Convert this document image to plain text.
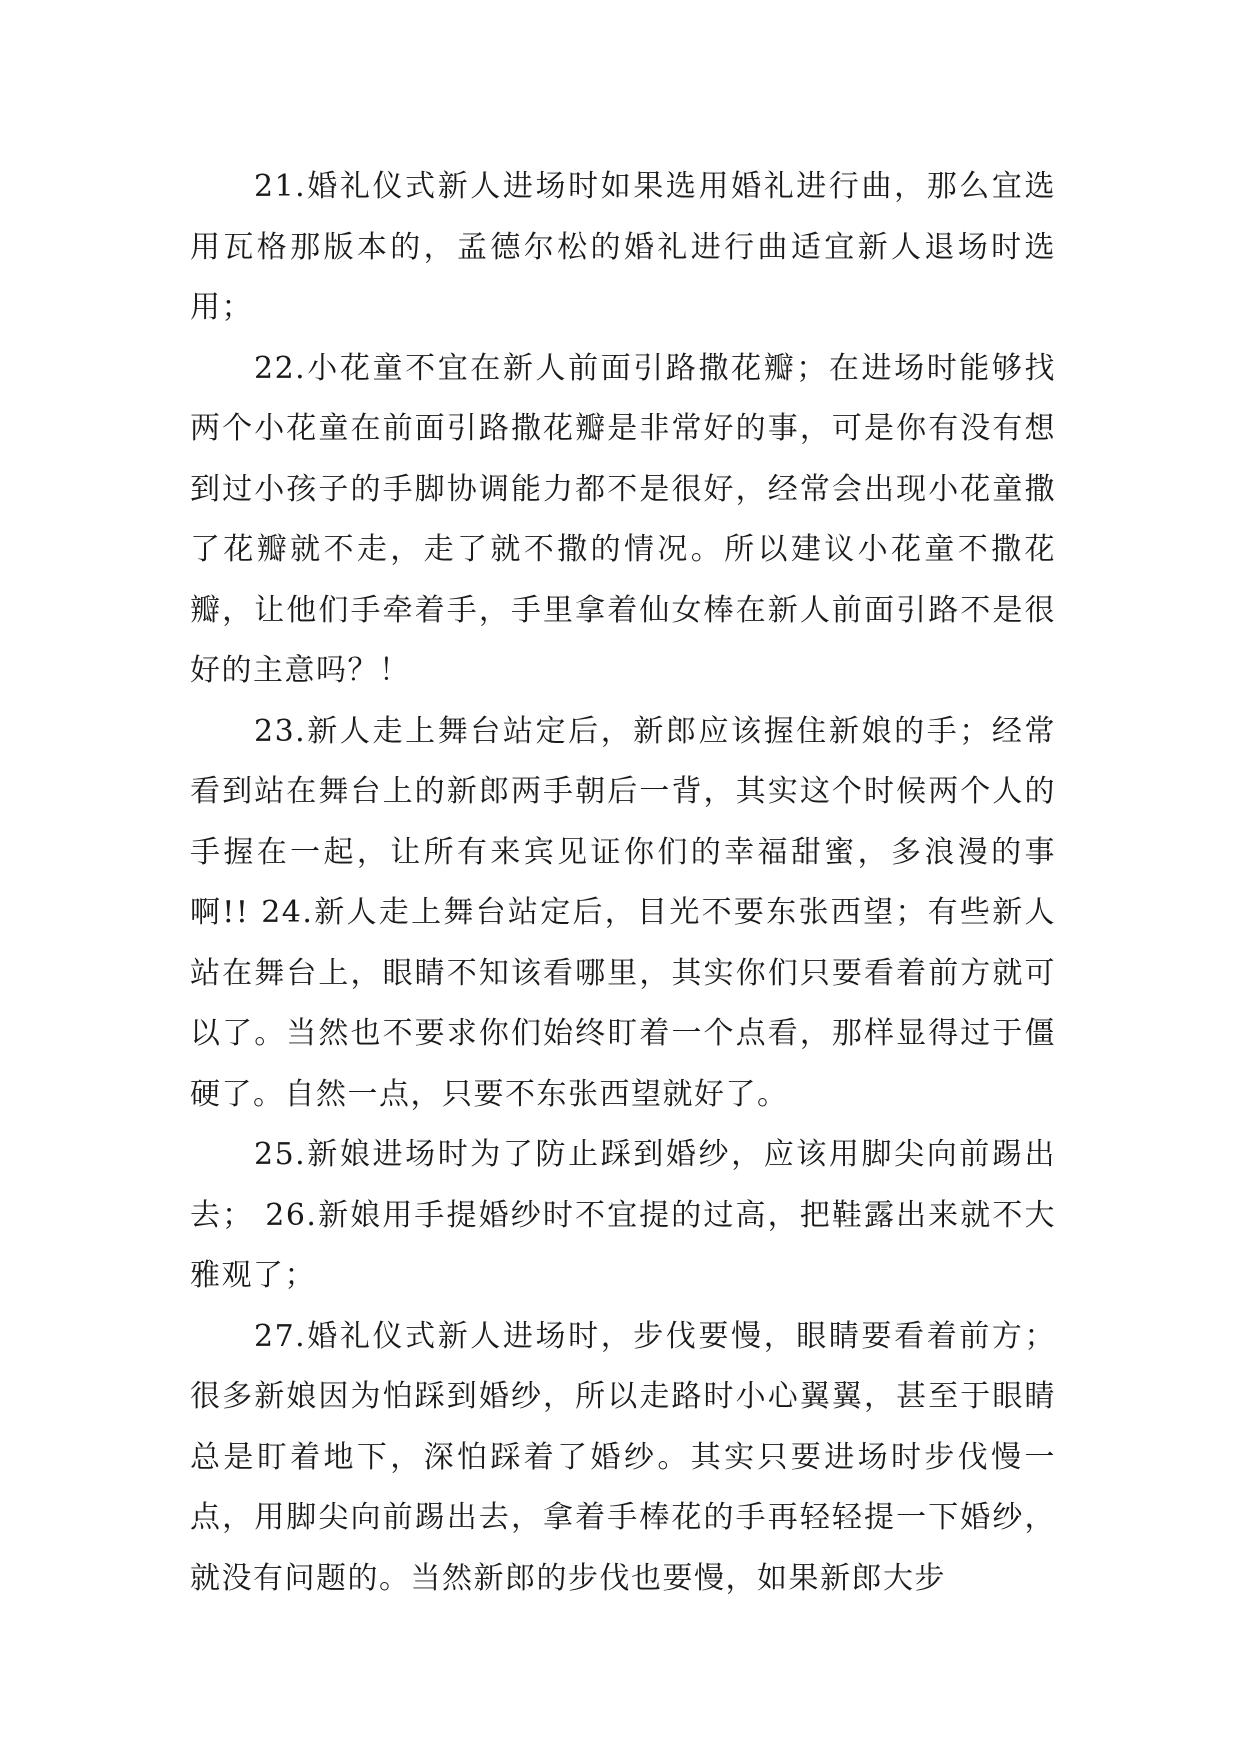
21.婚礼仪式新人进场时如果选用婚礼进行曲，那么宜选用瓦格那版本的，孟德尔松的婚礼进行曲适宜新人退场时选用；

22.小花童不宜在新人前面引路撒花瓣；在进场时能够找两个小花童在前面引路撒花瓣是非常好的事，可是你有没有想到过小孩子的手脚协调能力都不是很好，经常会出现小花童撒了花瓣就不走，走了就不撒的情况。所以建议小花童不撒花瓣，让他们手牵着手，手里拿着仙女棒在新人前面引路不是很好的主意吗？！

23.新人走上舞台站定后，新郎应该握住新娘的手；经常看到站在舞台上的新郎两手朝后一背，其实这个时候两个人的手握在一起，让所有来宾见证你们的幸福甜蜜，多浪漫的事啊!! 24.新人走上舞台站定后，目光不要东张西望；有些新人站在舞台上，眼睛不知该看哪里，其实你们只要看着前方就可以了。当然也不要求你们始终盯着一个点看，那样显得过于僵硬了。自然一点，只要不东张西望就好了。

25.新娘进场时为了防止踩到婚纱，应该用脚尖向前踢出去； 26.新娘用手提婚纱时不宜提的过高，把鞋露出来就不大雅观了；

27.婚礼仪式新人进场时，步伐要慢，眼睛要看着前方；很多新娘因为怕踩到婚纱，所以走路时小心翼翼，甚至于眼睛总是盯着地下，深怕踩着了婚纱。其实只要进场时步伐慢一点，用脚尖向前踢出去，拿着手棒花的手再轻轻提一下婚纱，就没有问题的。当然新郎的步伐也要慢，如果新郎大步
